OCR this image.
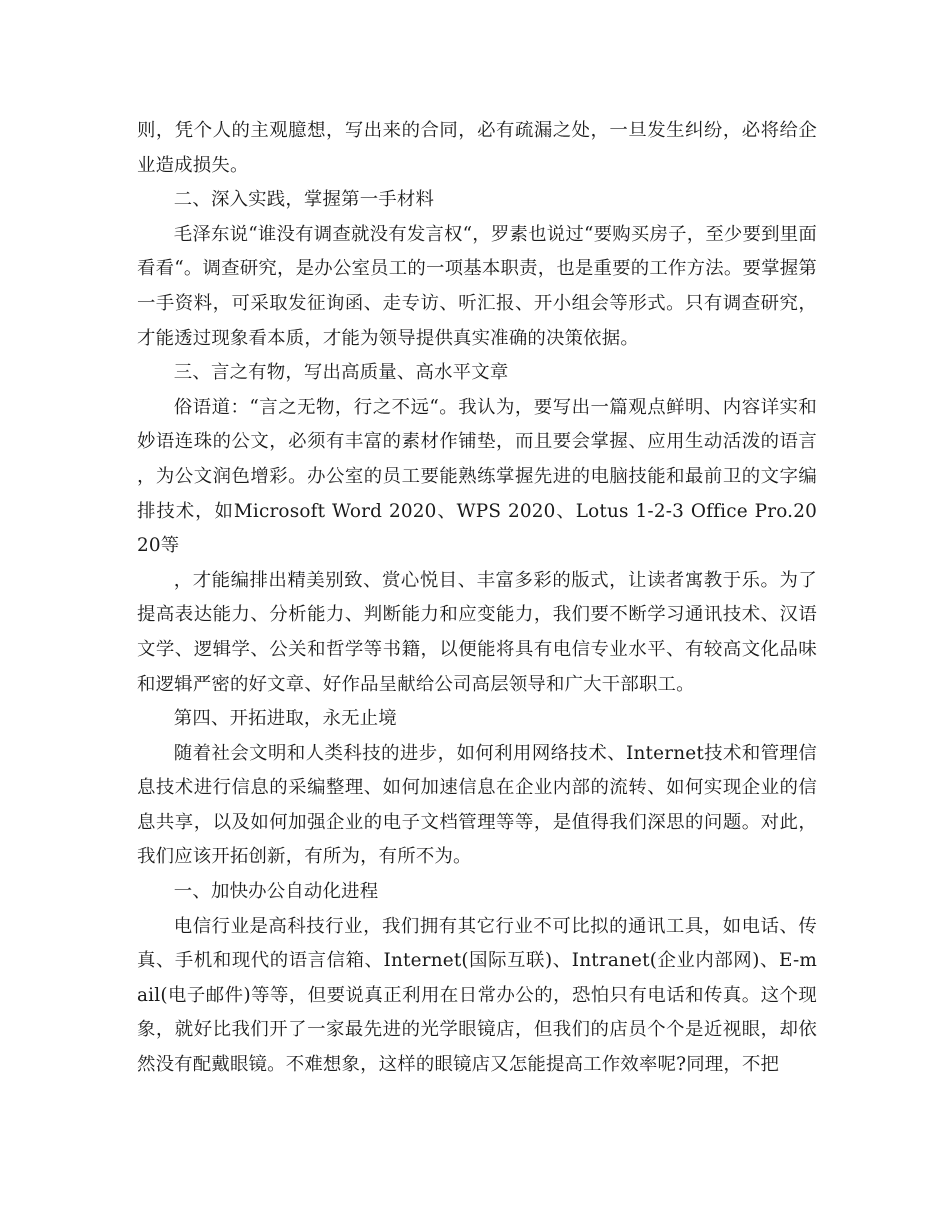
则，凭个人的主观臆想，写出来的合同，必有疏漏之处，一旦发生纠纷，必将给企业造成损失。

二、深入实践，掌握第一手材料

毛泽东说“谁没有调查就没有发言权“，罗素也说过“要购买房子，至少要到里面看看“。调查研究，是办公室员工的一项基本职责，也是重要的工作方法。要掌握第一手资料，可采取发征询函、走专访、听汇报、开小组会等形式。只有调查研究，才能透过现象看本质，才能为领导提供真实准确的决策依据。

三、言之有物，写出高质量、高水平文章

俗语道：“言之无物，行之不远“。我认为，要写出一篇观点鲜明、内容详实和妙语连珠的公文，必须有丰富的素材作铺垫，而且要会掌握、应用生动活泼的语言，为公文润色增彩。办公室的员工要能熟练掌握先进的电脑技能和最前卫的文字编排技术，如Microsoft Word 2020、WPS 2020、Lotus 1-2-3 Office Pro.2020等

，才能编排出精美别致、赏心悦目、丰富多彩的版式，让读者寓教于乐。为了提高表达能力、分析能力、判断能力和应变能力，我们要不断学习通讯技术、汉语文学、逻辑学、公关和哲学等书籍，以便能将具有电信专业水平、有较高文化品味和逻辑严密的好文章、好作品呈献给公司高层领导和广大干部职工。

第四、开拓进取，永无止境

随着社会文明和人类科技的进步，如何利用网络技术、Internet技术和管理信息技术进行信息的采编整理、如何加速信息在企业内部的流转、如何实现企业的信息共享，以及如何加强企业的电子文档管理等等，是值得我们深思的问题。对此，我们应该开拓创新，有所为，有所不为。

一、加快办公自动化进程

电信行业是高科技行业，我们拥有其它行业不可比拟的通讯工具，如电话、传真、手机和现代的语言信箱、Internet(国际互联)、Intranet(企业内部网)、E-mail(电子邮件)等等，但要说真正利用在日常办公的，恐怕只有电话和传真。这个现象，就好比我们开了一家最先进的光学眼镜店，但我们的店员个个是近视眼，却依然没有配戴眼镜。不难想象，这样的眼镜店又怎能提高工作效率呢?同理，不把
